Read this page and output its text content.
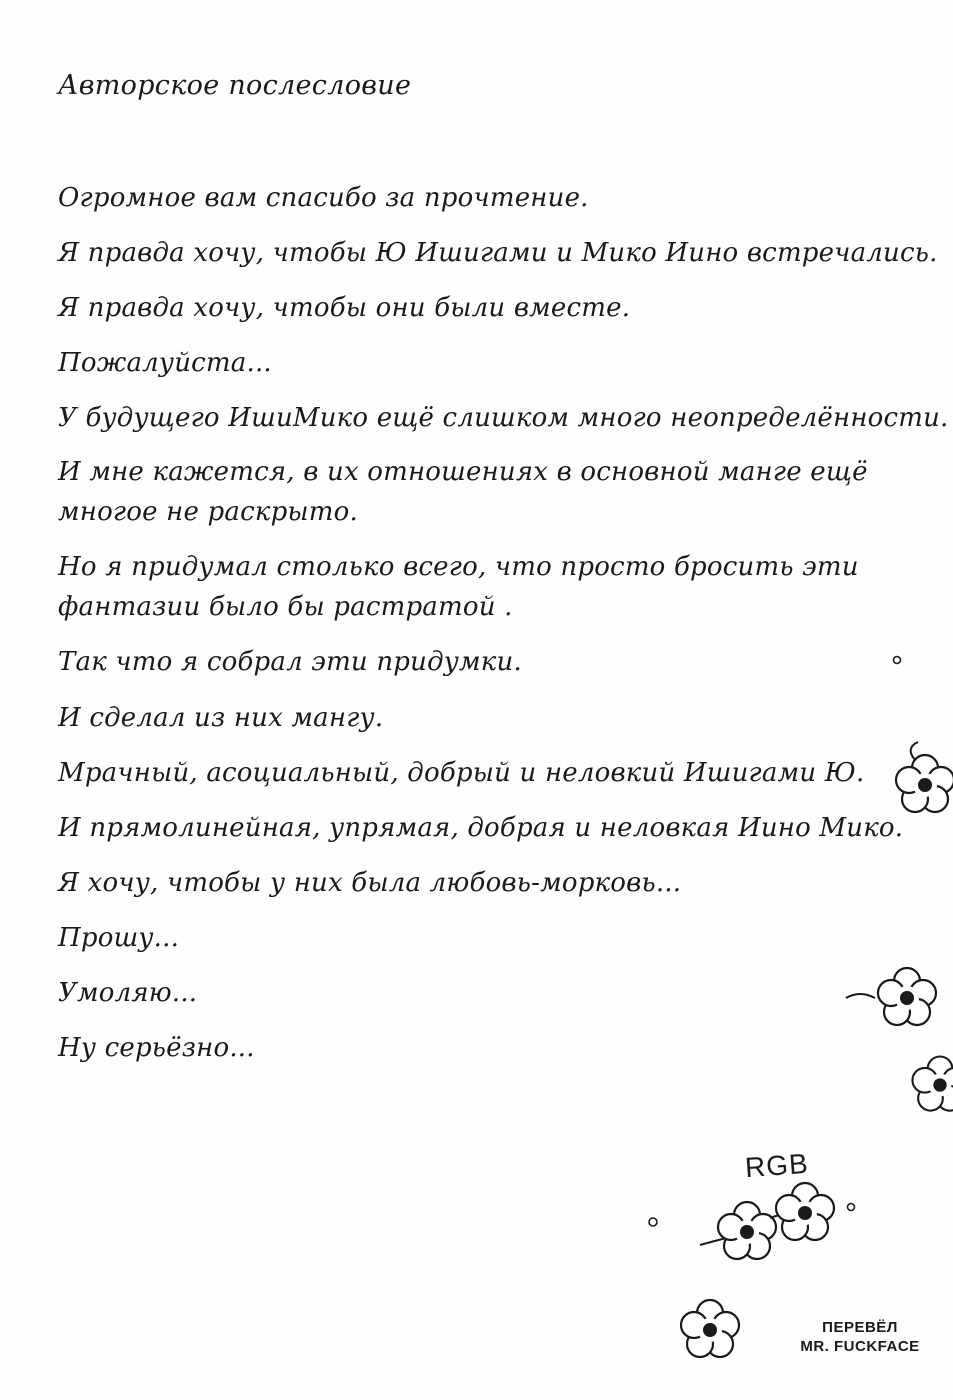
Авторское послесловие
Огромное вам спасибо за прочтение.
Я правда хочу, чтобы Ю Ишигами и Мико Иино встречались.
Я правда хочу, чтобы они были вместе.
Пожалуйста...
У будущего ИшиМико ещё слишком много неопределённости.
И мне кажется, в их отношениях в основной манге ещё
многое не раскрыто.
Но я придумал столько всего, что просто бросить эти
фантазии было бы растратой .
Так что я собрал эти придумки.
И сделал из них мангу.
Мрачный, асоциальный, добрый и неловкий Ишигами Ю.
И прямолинейная, упрямая, добрая и неловкая Иино Мико.
Я хочу, чтобы у них была любовь-морковь...
Прошу...
Умоляю...
Ну серьёзно...
RGB
ПЕРЕВЁЛ
MR. FUCKFACE
